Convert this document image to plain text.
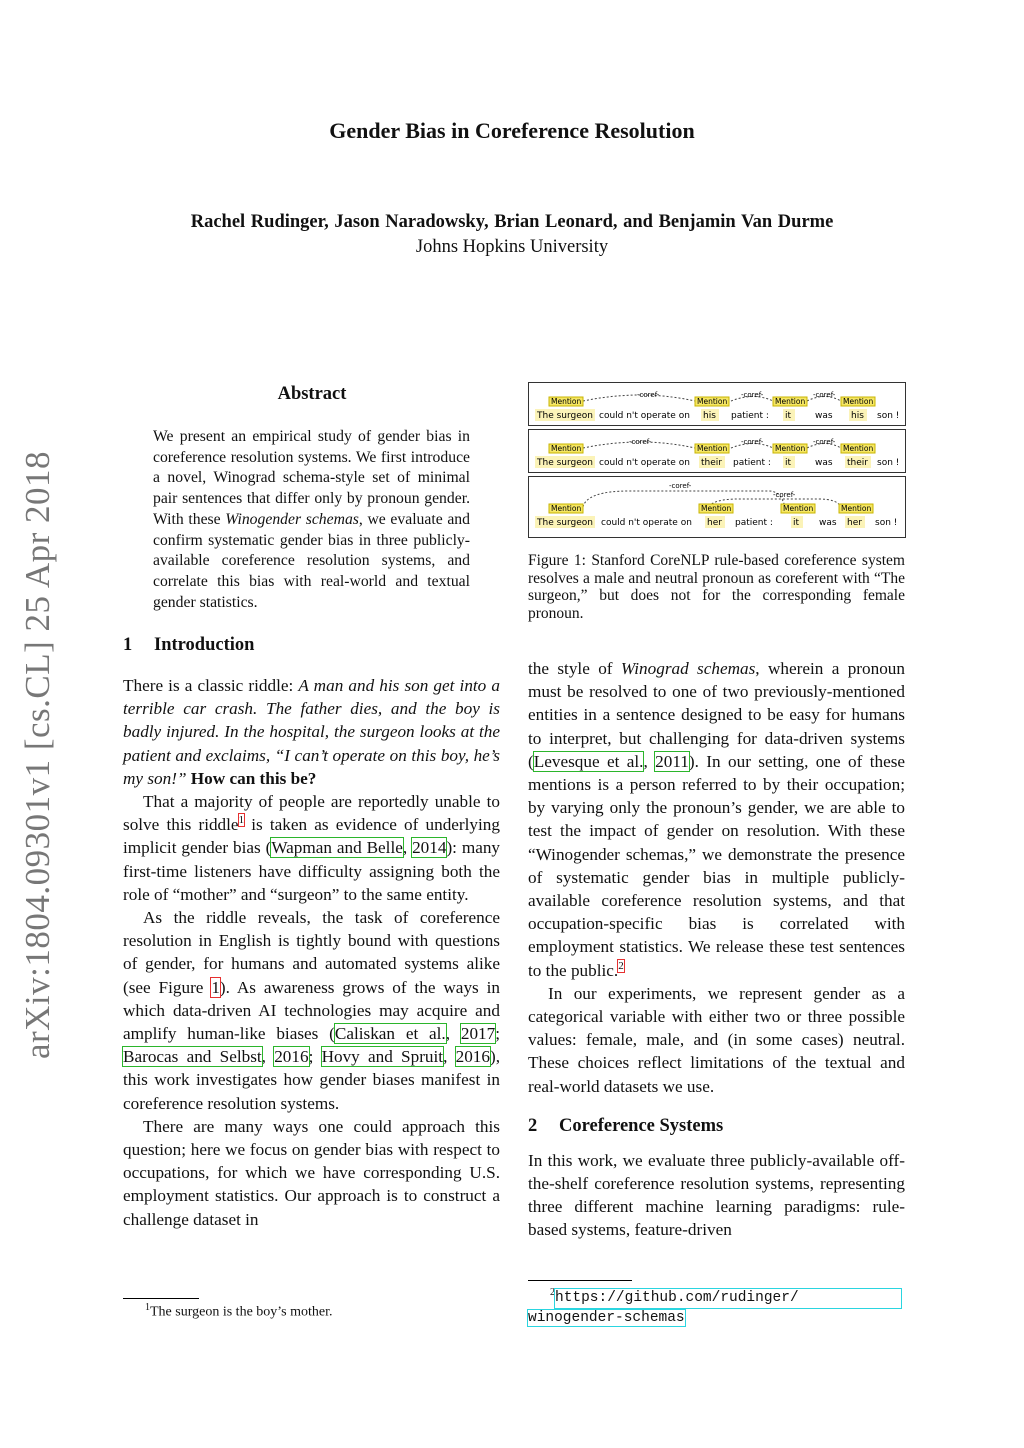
Gender Bias in Coreference Resolution
Rachel Rudinger, Jason Naradowsky, Brian Leonard, and Benjamin Van Durme
Johns Hopkins University
arXiv:1804.09301v1 [cs.CL] 25 Apr 2018
Abstract
We present an empirical study of gender bias in coreference resolution systems. We first introduce a novel, Winograd schema-style set of minimal pair sentences that differ only by pronoun gender. With these Winogender schemas, we evaluate and confirm systematic gender bias in three publicly-available coreference resolution systems, and correlate this bias with real-world and textual gender statistics.
1 Introduction

There is a classic riddle: A man and his son get into a terrible car crash. The father dies, and the boy is badly injured. In the hospital, the surgeon looks at the patient and exclaims, “I can’t operate on this boy, he’s my son!” How can this be?

That a majority of people are reportedly unable to solve this riddle$^1$ is taken as evidence of underlying implicit gender bias (Wapman and Belle, 2014): many first-time listeners have difficulty assigning both the role of “mother” and “surgeon” to the same entity.

As the riddle reveals, the task of coreference resolution in English is tightly bound with questions of gender, for humans and automated systems alike (see Figure 1). As awareness grows of the ways in which data-driven AI technologies may acquire and amplify human-like biases (Caliskan et al., 2017; Barocas and Selbst, 2016; Hovy and Spruit, 2016), this work investigates how gender biases manifest in coreference resolution systems.

There are many ways one could approach this question; here we focus on gender bias with respect to occupations, for which we have corresponding U.S. employment statistics. Our approach is to construct a challenge dataset in

$^1$The surgeon is the boy’s mother.
-coref-	-coref-	-coref-
Mention	Mention	Mention	Mention
The surgeon could n't operate on his patient : it	was his son !
-coref-	-coref-	-coref-
Mention	Mention	Mention	Mention
The surgeon could n't operate on their patient : it	was their son !
-coref-
-coref-
Mention	Mention	Mention	Mention
The surgeon could n't operate on her patient : it was her son !
Figure 1: Stanford CoreNLP rule-based coreference system resolves a male and neutral pronoun as coreferent with “The surgeon,” but does not for the corresponding female pronoun.

the style of Winograd schemas, wherein a pronoun must be resolved to one of two previously-mentioned entities in a sentence designed to be easy for humans to interpret, but challenging for data-driven systems (Levesque et al., 2011). In our setting, one of these mentions is a person referred to by their occupation; by varying only the pronoun’s gender, we are able to test the impact of gender on resolution. With these “Winogender schemas,” we demonstrate the presence of systematic gender bias in multiple publicly-available coreference resolution systems, and that occupation-specific bias is correlated with employment statistics. We release these test sentences to the public.$^2$

In our experiments, we represent gender as a categorical variable with either two or three possible values: female, male, and (in some cases) neutral. These choices reflect limitations of the textual and real-world datasets we use.

2 Coreference Systems

In this work, we evaluate three publicly-available off-the-shelf coreference resolution systems, representing three different machine learning paradigms: rule-based systems, feature-driven

$^2$https://github.com/rudinger/
winogender-schemas
